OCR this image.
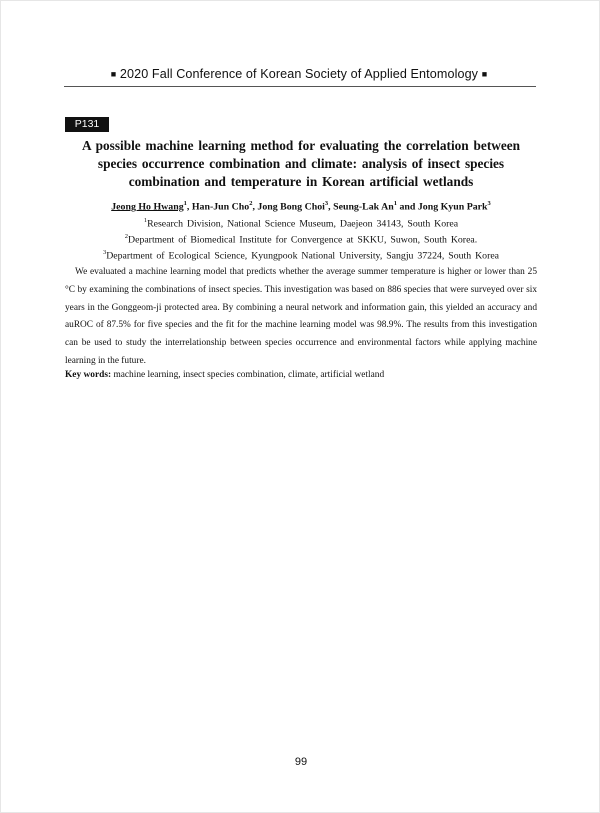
■ 2020 Fall Conference of Korean Society of Applied Entomology ■
P131
A possible machine learning method for evaluating the correlation between species occurrence combination and climate: analysis of insect species combination and temperature in Korean artificial wetlands
Jeong Ho Hwang$^1$, Han-Jun Cho$^2$, Jong Bong Choi$^3$, Seung-Lak An$^1$ and Jong Kyun Park$^3$
$^1$Research Division, National Science Museum, Daejeon 34143, South Korea
$^2$Department of Biomedical Institute for Convergence at SKKU, Suwon, South Korea.
$^3$Department of Ecological Science, Kyungpook National University, Sangju 37224, South Korea
We evaluated a machine learning model that predicts whether the average summer temperature is higher or lower than 25 °C by examining the combinations of insect species. This investigation was based on 886 species that were surveyed over six years in the Gonggeom-ji protected area. By combining a neural network and information gain, this yielded an accuracy and auROC of 87.5% for five species and the fit for the machine learning model was 98.9%. The results from this investigation can be used to study the interrelationship between species occurrence and environmental factors while applying machine learning in the future.
Key words: machine learning, insect species combination, climate, artificial wetland
99
